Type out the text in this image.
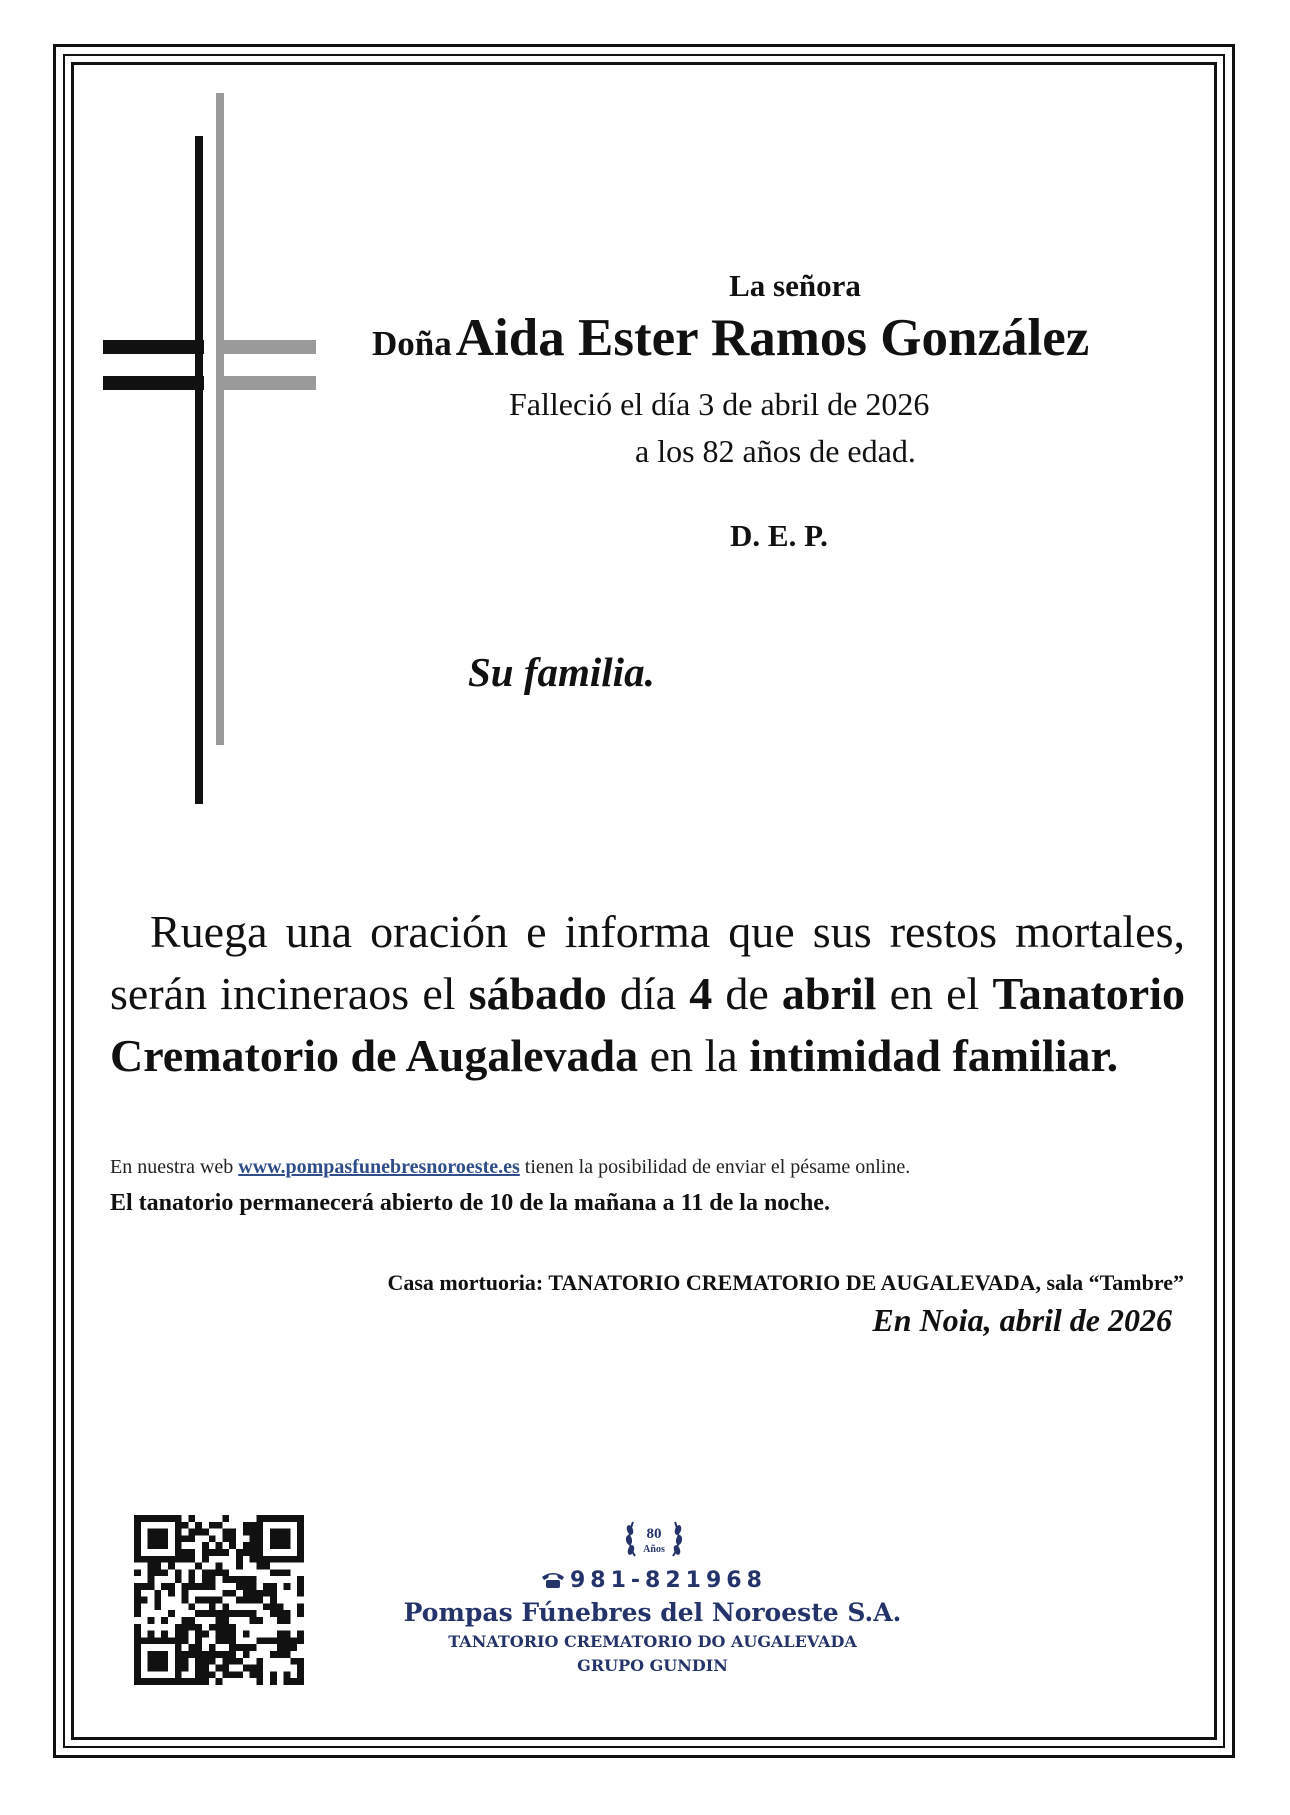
La señora
Doña Aida Ester Ramos González
Falleció el día 3 de abril de 2026
a los 82 años de edad.
D. E. P.
Su familia.
Ruega una oración e informa que sus restos mortales, serán incineraos el sábado día 4 de abril en el Tanatorio Crematorio de Augalevada en la intimidad familiar.
En nuestra web www.pompasfunebresnoroeste.es tienen la posibilidad de enviar el pésame online.
El tanatorio permanecerá abierto de 10 de la mañana a 11 de la noche.
Casa mortuoria: TANATORIO CREMATORIO DE AUGALEVADA, sala “Tambre”
En Noia, abril de 2026
80
Años
981-821968
Pompas Fúnebres del Noroeste S.A.
TANATORIO CREMATORIO DO AUGALEVADA
GRUPO GUNDIN
